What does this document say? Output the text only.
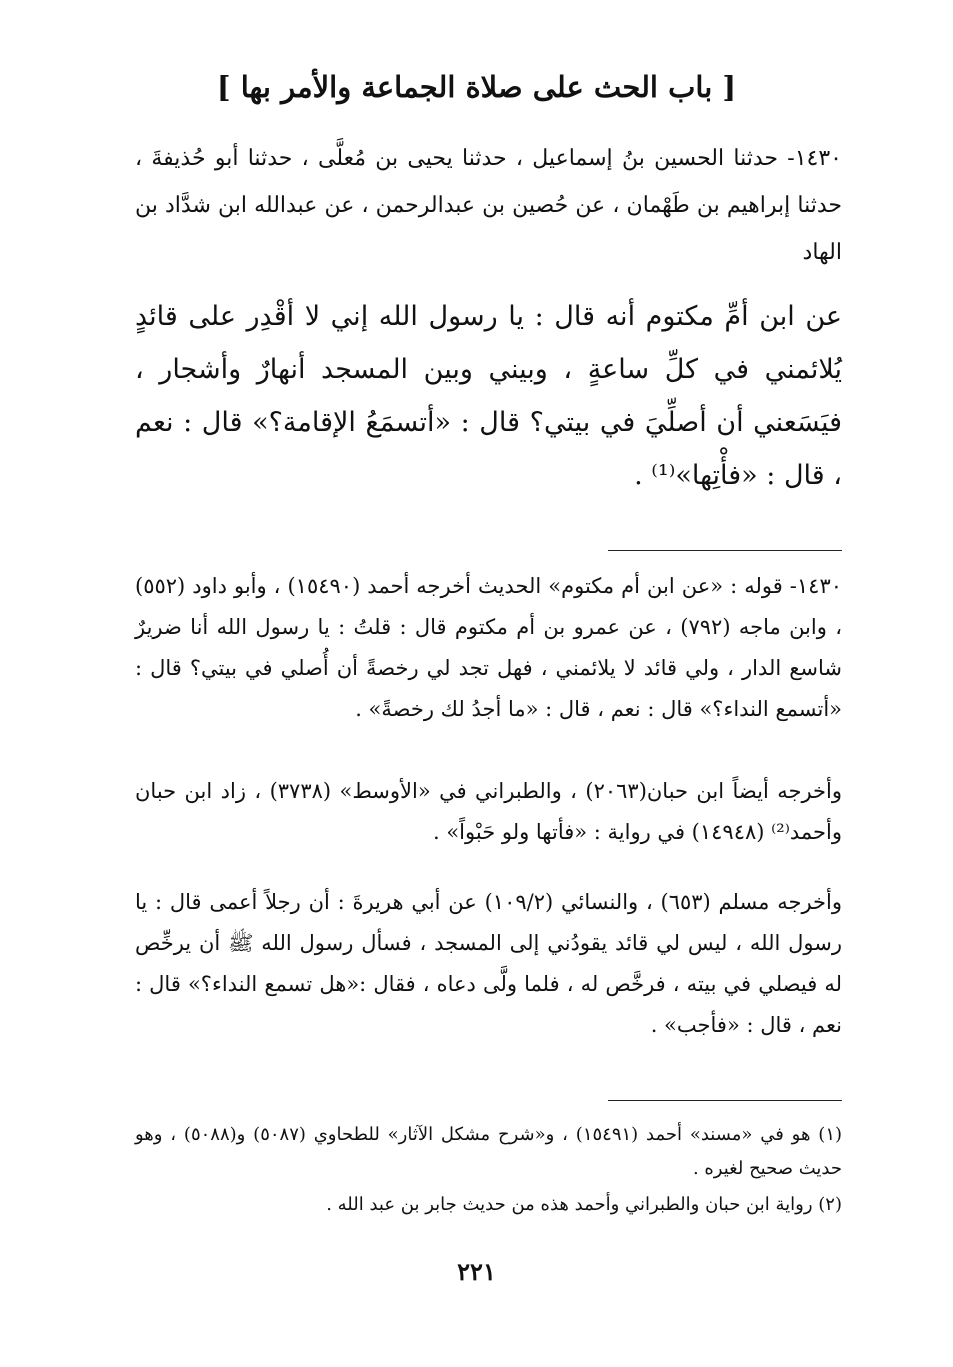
[ باب الحث على صلاة الجماعة والأمر بها ]
١٤٣٠- حدثنا الحسين بنُ إسماعيل ، حدثنا يحيى بن مُعلَّى ، حدثنا أبو حُذيفةَ ، حدثنا إبراهيم بن طَهْمان ، عن حُصين بن عبدالرحمن ، عن عبدالله ابن شدَّاد بن الهاد
عن ابن أمِّ مكتوم أنه قال : يا رسول الله إني لا أقْدِر على قائدٍ يُلائمني في كلِّ ساعةٍ ، وبيني وبين المسجد أنهارٌ وأشجار ، فيَسَعني أن أصلِّيَ في بيتي؟ قال : «أتسمَعُ الإقامة؟» قال : نعم ، قال : «فأْتِها»⁽¹⁾ .
١٤٣٠- قوله : «عن ابن أم مكتوم» الحديث أخرجه أحمد (١٥٤٩٠) ، وأبو داود (٥٥٢) ، وابن ماجه (٧٩٢) ، عن عمرو بن أم مكتوم قال : قلتُ : يا رسول الله أنا ضريرٌ شاسع الدار ، ولي قائد لا يلائمني ، فهل تجد لي رخصةً أن أُصلي في بيتي؟ قال : «أتسمع النداء؟» قال : نعم ، قال : «ما أجدُ لك رخصةً» .
وأخرجه أيضاً ابن حبان(٢٠٦٣) ، والطبراني في «الأوسط» (٣٧٣٨) ، زاد ابن حبان وأحمد⁽²⁾ (١٤٩٤٨) في رواية : «فأتها ولو حَبْواً» .
وأخرجه مسلم (٦٥٣) ، والنسائي (١٠٩/٢) عن أبي هريرةَ : أن رجلاً أعمى قال : يا رسول الله ، ليس لي قائد يقودُني إلى المسجد ، فسأل رسول الله ﷺ أن يرخِّص له فيصلي في بيته ، فرخَّص له ، فلما ولَّى دعاه ، فقال :«هل تسمع النداء؟» قال : نعم ، قال : «فأجب» .
(١) هو في «مسند» أحمد (١٥٤٩١) ، و«شرح مشكل الآثار» للطحاوي (٥٠٨٧) و(٥٠٨٨) ، وهو حديث صحيح لغيره .
(٢) رواية ابن حبان والطبراني وأحمد هذه من حديث جابر بن عبد الله .
٢٢١
